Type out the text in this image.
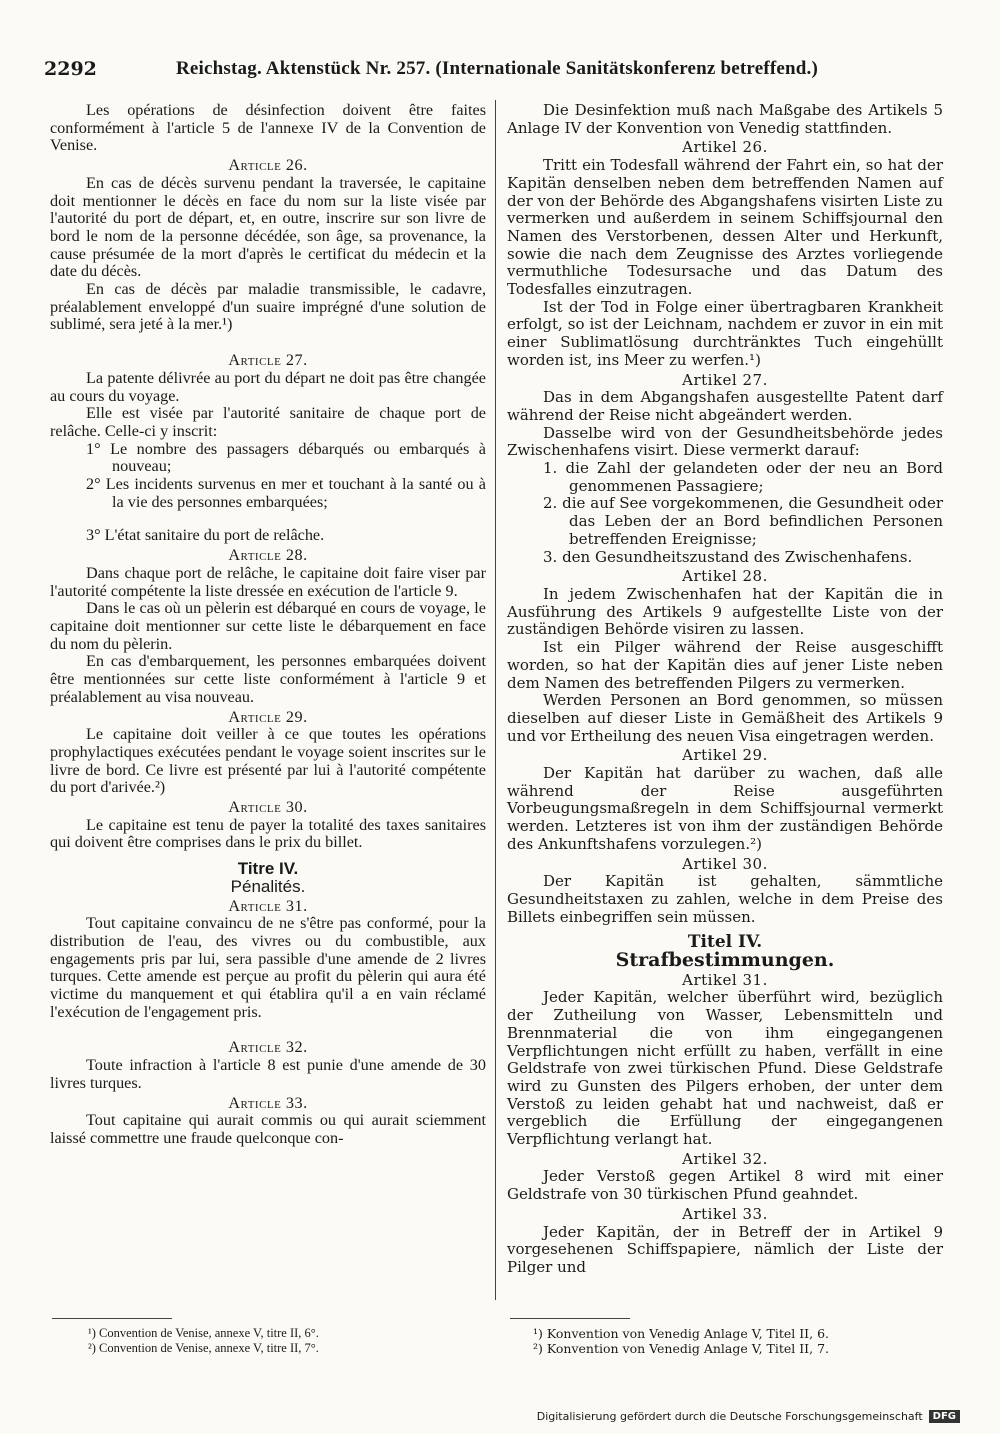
2292	Reichstag. Aktenstück Nr. 257. (Internationale Sanitätskonferenz betreffend.)

Les opérations de désinfection doivent être faites conformément à l'article 5 de l'annexe IV de la Convention de Venise.

Article 26.

En cas de décès survenu pendant la traversée, le capitaine doit mentionner le décès en face du nom sur la liste visée par l'autorité du port de départ, et, en outre, inscrire sur son livre de bord le nom de la personne décédée, son âge, sa provenance, la cause présumée de la mort d'après le certificat du médecin et la date du décès.

En cas de décès par maladie transmissible, le cadavre, préalablement enveloppé d'un suaire imprégné d'une solution de sublimé, sera jeté à la mer.¹)

Article 27.

La patente délivrée au port du départ ne doit pas être changée au cours du voyage.

Elle est visée par l'autorité sanitaire de chaque port de relâche. Celle-ci y inscrit:

1° Le nombre des passagers débarqués ou embarqués à nouveau;

2° Les incidents survenus en mer et touchant à la santé ou à la vie des personnes embarquées;

3° L'état sanitaire du port de relâche.

Article 28.

Dans chaque port de relâche, le capitaine doit faire viser par l'autorité compétente la liste dressée en exécution de l'article 9.

Dans le cas où un pèlerin est débarqué en cours de voyage, le capitaine doit mentionner sur cette liste le débarquement en face du nom du pèlerin.

En cas d'embarquement, les personnes embarquées doivent être mentionnées sur cette liste conformément à l'article 9 et préalablement au visa nouveau.

Article 29.

Le capitaine doit veiller à ce que toutes les opérations prophylactiques exécutées pendant le voyage soient inscrites sur le livre de bord. Ce livre est présenté par lui à l'autorité compétente du port d'arivée.²)

Article 30.

Le capitaine est tenu de payer la totalité des taxes sanitaires qui doivent être comprises dans le prix du billet.

Titre IV.

Pénalités.

Article 31.

Tout capitaine convaincu de ne s'être pas conformé, pour la distribution de l'eau, des vivres ou du combustible, aux engagements pris par lui, sera passible d'une amende de 2 livres turques. Cette amende est perçue au profit du pèlerin qui aura été victime du manquement et qui établira qu'il a en vain réclamé l'exécution de l'engagement pris.

Article 32.

Toute infraction à l'article 8 est punie d'une amende de 30 livres turques.

Article 33.

Tout capitaine qui aurait commis ou qui aurait sciemment laissé commettre une fraude quelconque con-

Die Desinfektion muß nach Maßgabe des Artikels 5 Anlage IV der Konvention von Venedig stattfinden.

Artikel 26.

Tritt ein Todesfall während der Fahrt ein, so hat der Kapitän denselben neben dem betreffenden Namen auf der von der Behörde des Abgangshafens visirten Liste zu vermerken und außerdem in seinem Schiffsjournal den Namen des Verstorbenen, dessen Alter und Herkunft, sowie die nach dem Zeugnisse des Arztes vorliegende vermuthliche Todesursache und das Datum des Todesfalles einzutragen.

Ist der Tod in Folge einer übertragbaren Krankheit erfolgt, so ist der Leichnam, nachdem er zuvor in ein mit einer Sublimatlösung durchtränktes Tuch eingehüllt worden ist, ins Meer zu werfen.¹)

Artikel 27.

Das in dem Abgangshafen ausgestellte Patent darf während der Reise nicht abgeändert werden.

Dasselbe wird von der Gesundheitsbehörde jedes Zwischenhafens visirt. Diese vermerkt darauf:

1. die Zahl der gelandeten oder der neu an Bord genommenen Passagiere;

2. die auf See vorgekommenen, die Gesundheit oder das Leben der an Bord befindlichen Personen betreffenden Ereignisse;

3. den Gesundheitszustand des Zwischenhafens.

Artikel 28.

In jedem Zwischenhafen hat der Kapitän die in Ausführung des Artikels 9 aufgestellte Liste von der zuständigen Behörde visiren zu lassen.

Ist ein Pilger während der Reise ausgeschifft worden, so hat der Kapitän dies auf jener Liste neben dem Namen des betreffenden Pilgers zu vermerken.

Werden Personen an Bord genommen, so müssen dieselben auf dieser Liste in Gemäßheit des Artikels 9 und vor Ertheilung des neuen Visa eingetragen werden.

Artikel 29.

Der Kapitän hat darüber zu wachen, daß alle während der Reise ausgeführten Vorbeugungsmaßregeln in dem Schiffsjournal vermerkt werden. Letzteres ist von ihm der zuständigen Behörde des Ankunftshafens vorzulegen.²)

Artikel 30.

Der Kapitän ist gehalten, sämmtliche Gesundheitstaxen zu zahlen, welche in dem Preise des Billets einbegriffen sein müssen.

Titel IV.

Strafbestimmungen.

Artikel 31.

Jeder Kapitän, welcher überführt wird, bezüglich der Zutheilung von Wasser, Lebensmitteln und Brennmaterial die von ihm eingegangenen Verpflichtungen nicht erfüllt zu haben, verfällt in eine Geldstrafe von zwei türkischen Pfund. Diese Geldstrafe wird zu Gunsten des Pilgers erhoben, der unter dem Verstoß zu leiden gehabt hat und nachweist, daß er vergeblich die Erfüllung der eingegangenen Verpflichtung verlangt hat.

Artikel 32.

Jeder Verstoß gegen Artikel 8 wird mit einer Geldstrafe von 30 türkischen Pfund geahndet.

Artikel 33.

Jeder Kapitän, der in Betreff der in Artikel 9 vorgesehenen Schiffspapiere, nämlich der Liste der Pilger und

¹) Convention de Venise, annexe V, titre II, 6°.
²) Convention de Venise, annexe V, titre II, 7°.
¹) Konvention von Venedig Anlage V, Titel II, 6.
²) Konvention von Venedig Anlage V, Titel II, 7.
Digitalisierung gefördert durch die Deutsche Forschungsgemeinschaft	DFG
